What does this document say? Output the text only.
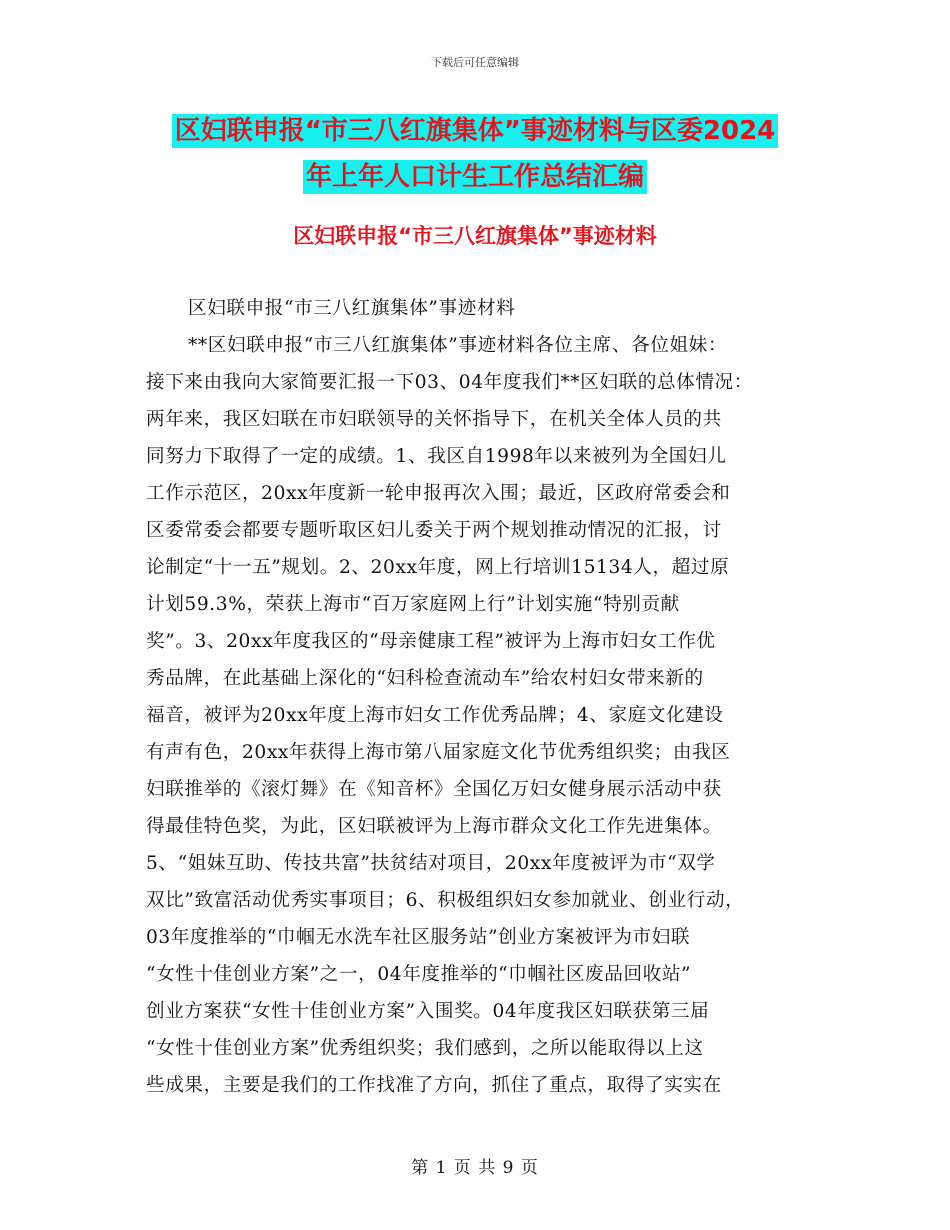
下载后可任意编辑
区妇联申报“市三八红旗集体”事迹材料与区委2024
年上年人口计生工作总结汇编
区妇联申报“市三八红旗集体”事迹材料
区妇联申报“市三八红旗集体”事迹材料
**区妇联申报“市三八红旗集体”事迹材料各位主席、各位姐妹：
接下来由我向大家简要汇报一下03、04年度我们**区妇联的总体情况：
两年来，我区妇联在市妇联领导的关怀指导下，在机关全体人员的共
同努力下取得了一定的成绩。1、我区自1998年以来被列为全国妇儿
工作示范区，20xx年度新一轮申报再次入围；最近，区政府常委会和
区委常委会都要专题听取区妇儿委关于两个规划推动情况的汇报，讨
论制定“十一五”规划。2、20xx年度，网上行培训15134人，超过原
计划59.3%，荣获上海市“百万家庭网上行”计划实施“特别贡献
奖”。3、20xx年度我区的“母亲健康工程”被评为上海市妇女工作优
秀品牌，在此基础上深化的“妇科检查流动车”给农村妇女带来新的
福音，被评为20xx年度上海市妇女工作优秀品牌；4、家庭文化建设
有声有色，20xx年获得上海市第八届家庭文化节优秀组织奖；由我区
妇联推举的《滚灯舞》在《知音杯》全国亿万妇女健身展示活动中获
得最佳特色奖，为此，区妇联被评为上海市群众文化工作先进集体。
5、“姐妹互助、传技共富”扶贫结对项目，20xx年度被评为市“双学
双比”致富活动优秀实事项目；6、积极组织妇女参加就业、创业行动，
03年度推举的“巾帼无水洗车社区服务站”创业方案被评为市妇联
“女性十佳创业方案”之一，04年度推举的“巾帼社区废品回收站”
创业方案获“女性十佳创业方案”入围奖。04年度我区妇联获第三届
“女性十佳创业方案”优秀组织奖；我们感到，之所以能取得以上这
些成果，主要是我们的工作找准了方向，抓住了重点，取得了实实在
第 1 页 共 9 页
